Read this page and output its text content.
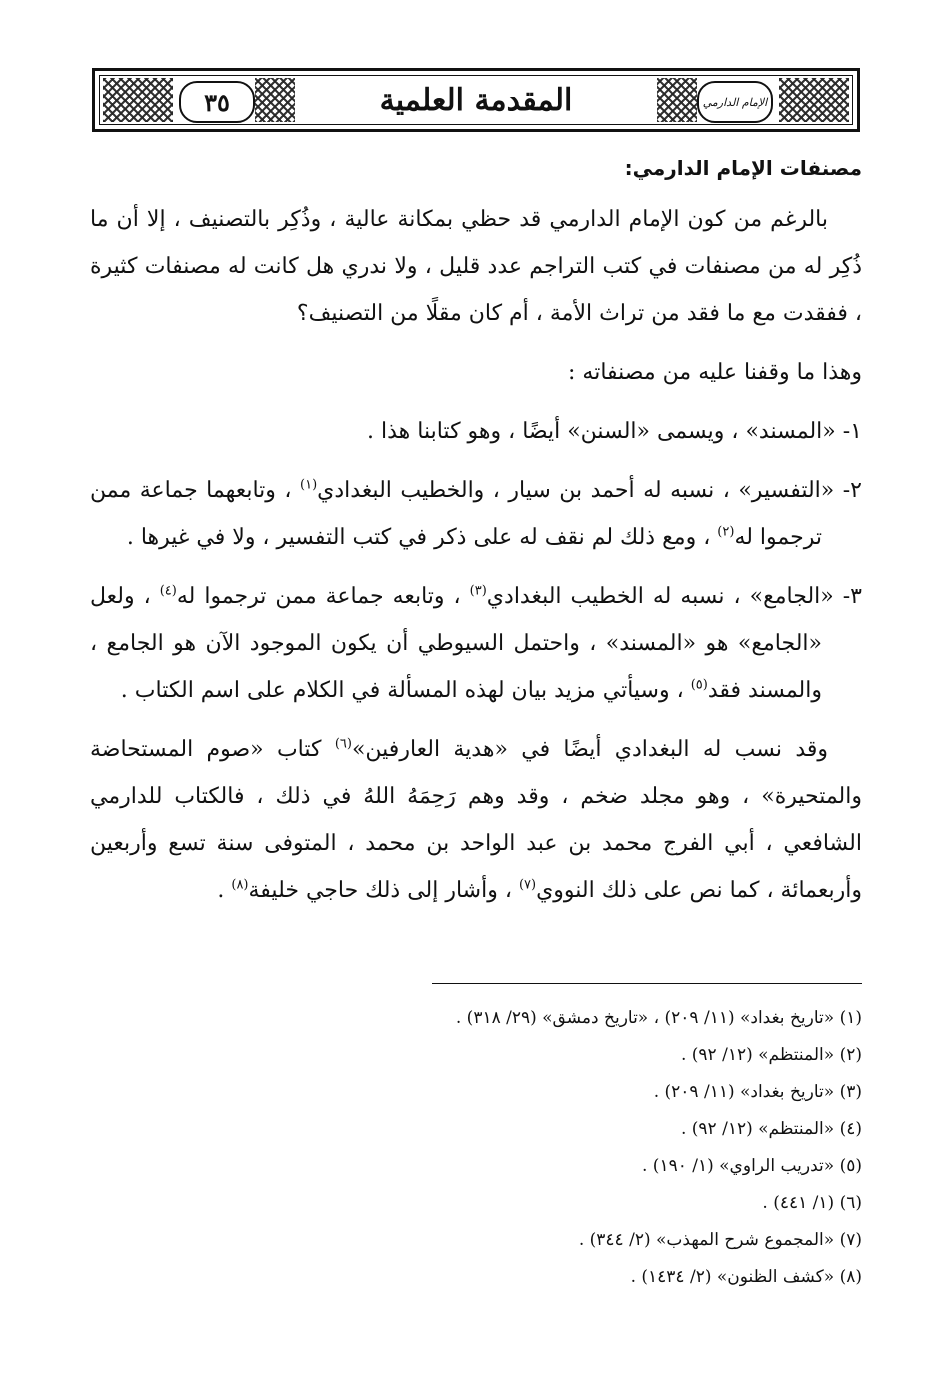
٣٥	الإمام الدارمي
المقدمة العلمية
مصنفات الإمام الدارمي:

بالرغم من كون الإمام الدارمي قد حظي بمكانة عالية ، وذُكِر بالتصنيف ، إلا أن ما ذُكِر له من مصنفات في كتب التراجم عدد قليل ، ولا ندري هل كانت له مصنفات كثيرة ، ففقدت مع ما فقد من تراث الأمة ، أم كان مقلًا من التصنيف؟

وهذا ما وقفنا عليه من مصنفاته :

١- «المسند» ، ويسمى «السنن» أيضًا ، وهو كتابنا هذا .

٢- «التفسير» ، نسبه له أحمد بن سيار ، والخطيب البغدادي$^{(١)}$ ، وتابعهما جماعة ممن ترجموا له$^{(٢)}$ ، ومع ذلك لم نقف له على ذكر في كتب التفسير ، ولا في غيرها .

٣- «الجامع» ، نسبه له الخطيب البغدادي$^{(٣)}$ ، وتابعه جماعة ممن ترجموا له$^{(٤)}$ ، ولعل «الجامع» هو «المسند» ، واحتمل السيوطي أن يكون الموجود الآن هو الجامع ، والمسند فقد$^{(٥)}$ ، وسيأتي مزيد بيان لهذه المسألة في الكلام على اسم الكتاب .

وقد نسب له البغدادي أيضًا في «هدية العارفين»$^{(٦)}$ كتاب «صوم المستحاضة والمتحيرة» ، وهو مجلد ضخم ، وقد وهم رَحِمَهُ اللهُ في ذلك ، فالكتاب للدارمي الشافعي ، أبي الفرج محمد بن عبد الواحد بن محمد ، المتوفى سنة تسع وأربعين وأربعمائة ، كما نص على ذلك النووي$^{(٧)}$ ، وأشار إلى ذلك حاجي خليفة$^{(٨)}$ .

(١) «تاريخ بغداد» (١١/ ٢٠٩) ، «تاريخ دمشق» (٢٩/ ٣١٨) .

(٢) «المنتظم» (١٢/ ٩٢) .

(٣) «تاريخ بغداد» (١١/ ٢٠٩) .

(٤) «المنتظم» (١٢/ ٩٢) .

(٥) «تدريب الراوي» (١/ ١٩٠) .

(٦) (١/ ٤٤١) .

(٧) «المجموع شرح المهذب» (٢/ ٣٤٤) .

(٨) «كشف الظنون» (٢/ ١٤٣٤) .
